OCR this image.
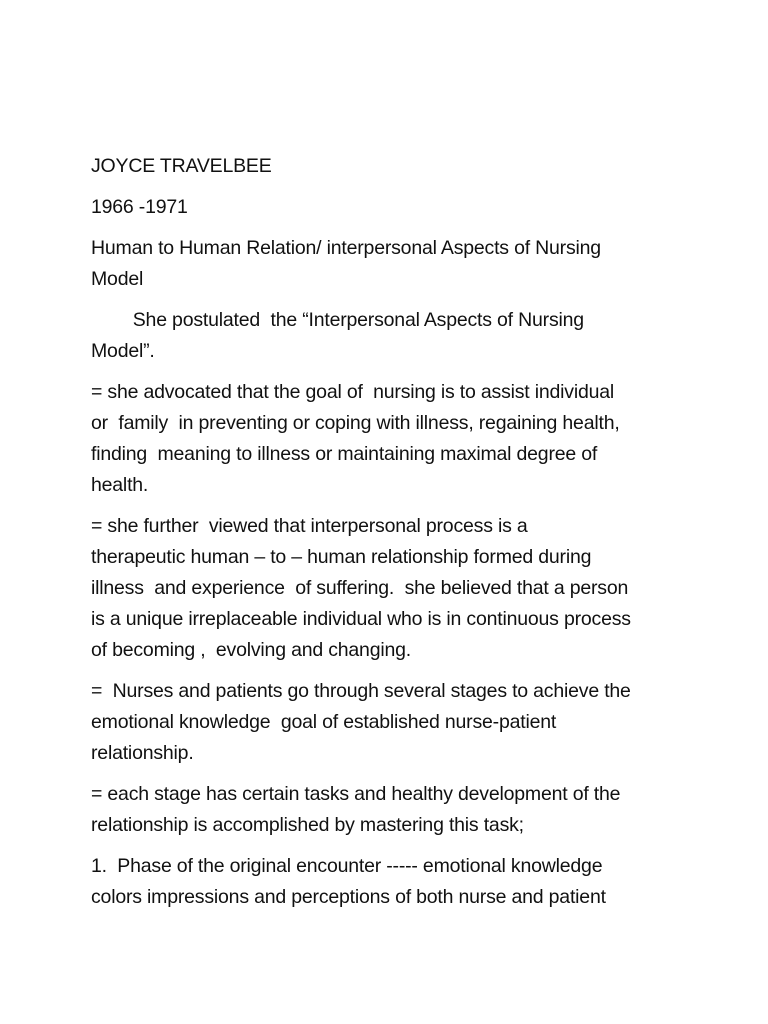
JOYCE TRAVELBEE
1966 -1971
Human to Human Relation/ interpersonal Aspects of Nursing
Model
She postulated  the “Interpersonal Aspects of Nursing
Model”.
= she advocated that the goal of  nursing is to assist individual
or  family  in preventing or coping with illness, regaining health,
finding  meaning to illness or maintaining maximal degree of
health.
= she further  viewed that interpersonal process is a
therapeutic human – to – human relationship formed during
illness  and experience  of suffering.  she believed that a person
is a unique irreplaceable individual who is in continuous process
of becoming ,  evolving and changing.
=  Nurses and patients go through several stages to achieve the
emotional knowledge  goal of established nurse-patient
relationship.
= each stage has certain tasks and healthy development of the
relationship is accomplished by mastering this task;
1.  Phase of the original encounter ----- emotional knowledge
colors impressions and perceptions of both nurse and patient
